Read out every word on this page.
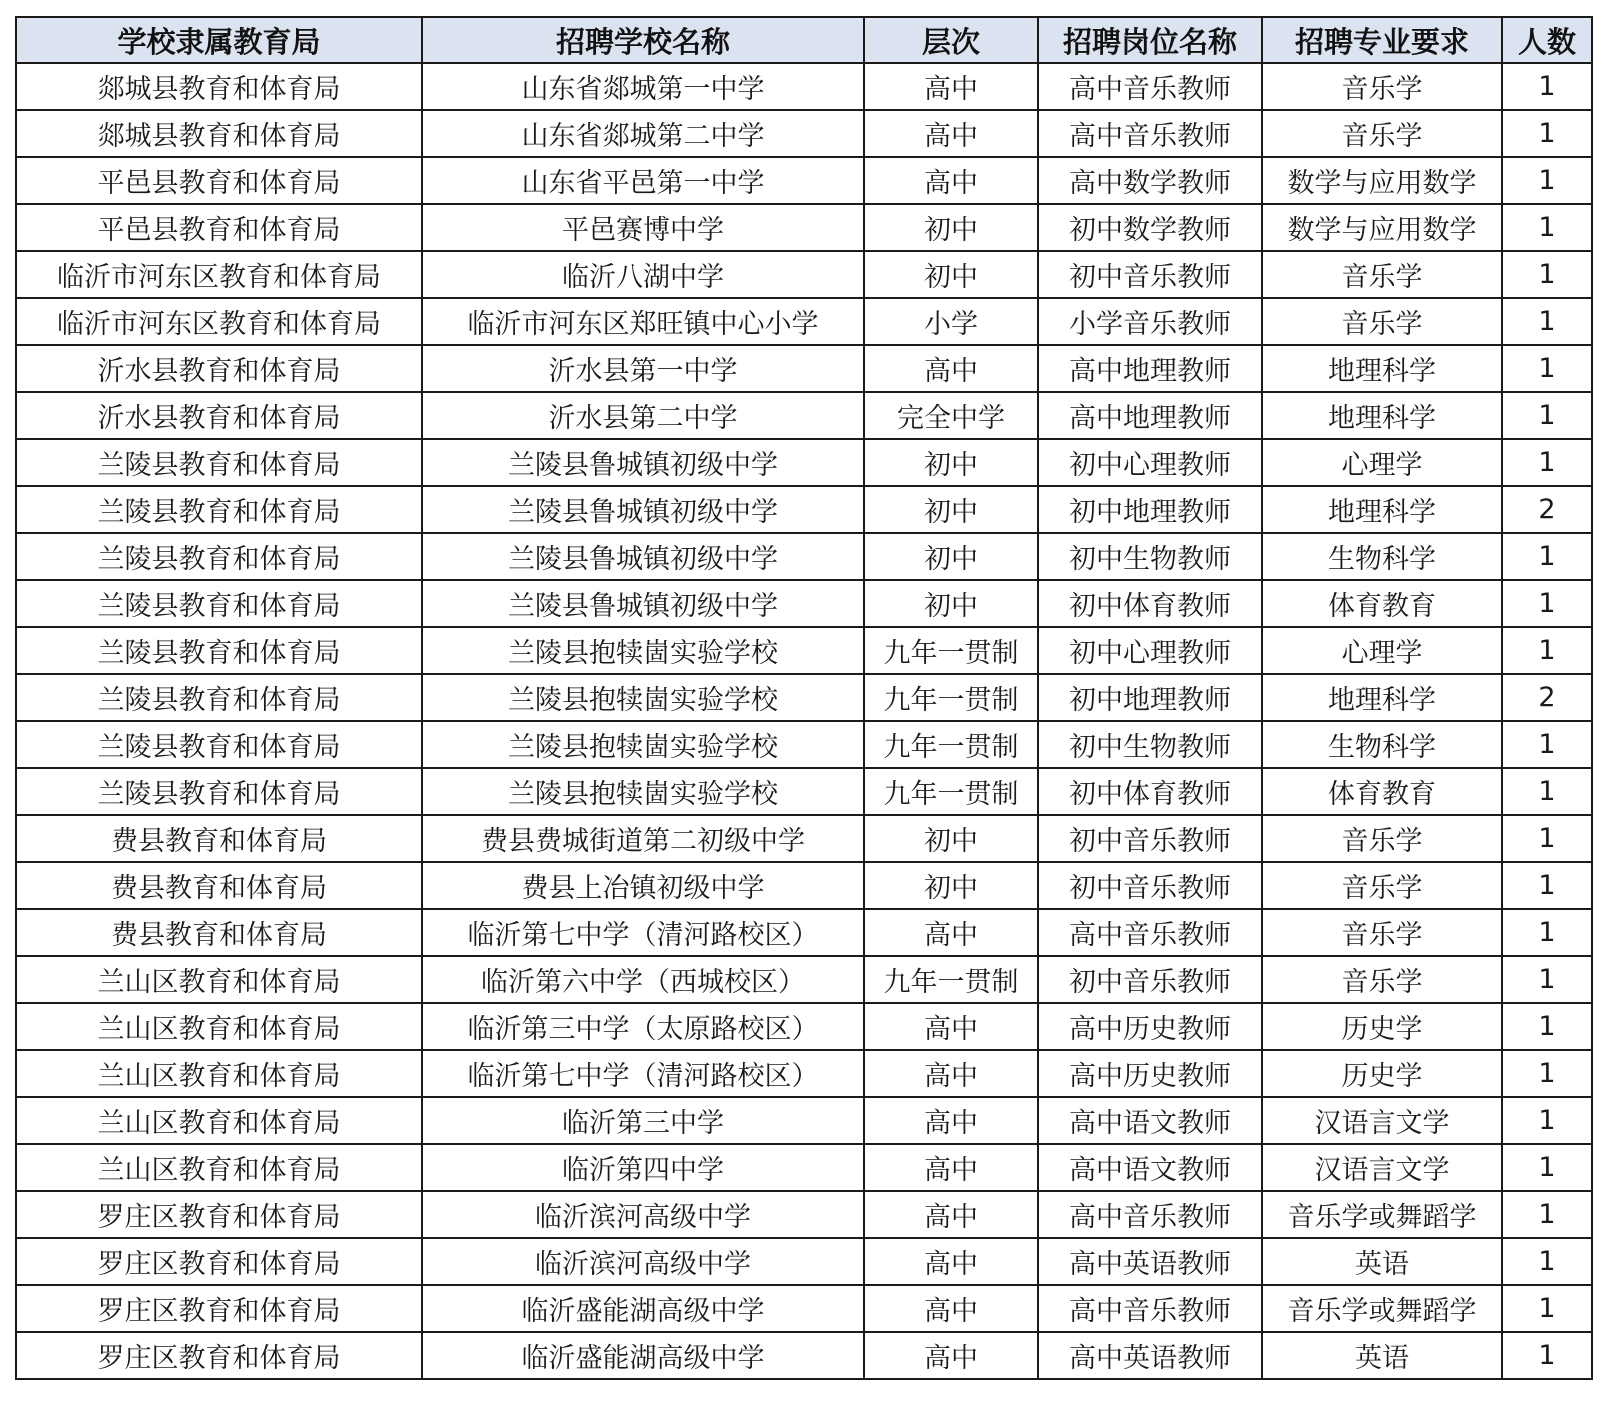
学校隶属教育局	招聘学校名称	层次	招聘岗位名称	招聘专业要求	人数
郯城县教育和体育局	山东省郯城第一中学	高中	高中音乐教师	音乐学	1
郯城县教育和体育局	山东省郯城第二中学	高中	高中音乐教师	音乐学	1
平邑县教育和体育局	山东省平邑第一中学	高中	高中数学教师	数学与应用数学	1
平邑县教育和体育局	平邑赛博中学	初中	初中数学教师	数学与应用数学	1
临沂市河东区教育和体育局	临沂八湖中学	初中	初中音乐教师	音乐学	1
临沂市河东区教育和体育局	临沂市河东区郑旺镇中心小学	小学	小学音乐教师	音乐学	1
沂水县教育和体育局	沂水县第一中学	高中	高中地理教师	地理科学	1
沂水县教育和体育局	沂水县第二中学	完全中学	高中地理教师	地理科学	1
兰陵县教育和体育局	兰陵县鲁城镇初级中学	初中	初中心理教师	心理学	1
兰陵县教育和体育局	兰陵县鲁城镇初级中学	初中	初中地理教师	地理科学	2
兰陵县教育和体育局	兰陵县鲁城镇初级中学	初中	初中生物教师	生物科学	1
兰陵县教育和体育局	兰陵县鲁城镇初级中学	初中	初中体育教师	体育教育	1
兰陵县教育和体育局	兰陵县抱犊崮实验学校	九年一贯制	初中心理教师	心理学	1
兰陵县教育和体育局	兰陵县抱犊崮实验学校	九年一贯制	初中地理教师	地理科学	2
兰陵县教育和体育局	兰陵县抱犊崮实验学校	九年一贯制	初中生物教师	生物科学	1
兰陵县教育和体育局	兰陵县抱犊崮实验学校	九年一贯制	初中体育教师	体育教育	1
费县教育和体育局	费县费城街道第二初级中学	初中	初中音乐教师	音乐学	1
费县教育和体育局	费县上冶镇初级中学	初中	初中音乐教师	音乐学	1
费县教育和体育局	临沂第七中学（清河路校区）	高中	高中音乐教师	音乐学	1
兰山区教育和体育局	临沂第六中学（西城校区）	九年一贯制	初中音乐教师	音乐学	1
兰山区教育和体育局	临沂第三中学（太原路校区）	高中	高中历史教师	历史学	1
兰山区教育和体育局	临沂第七中学（清河路校区）	高中	高中历史教师	历史学	1
兰山区教育和体育局	临沂第三中学	高中	高中语文教师	汉语言文学	1
兰山区教育和体育局	临沂第四中学	高中	高中语文教师	汉语言文学	1
罗庄区教育和体育局	临沂滨河高级中学	高中	高中音乐教师	音乐学或舞蹈学	1
罗庄区教育和体育局	临沂滨河高级中学	高中	高中英语教师	英语	1
罗庄区教育和体育局	临沂盛能湖高级中学	高中	高中音乐教师	音乐学或舞蹈学	1
罗庄区教育和体育局	临沂盛能湖高级中学	高中	高中英语教师	英语	1
